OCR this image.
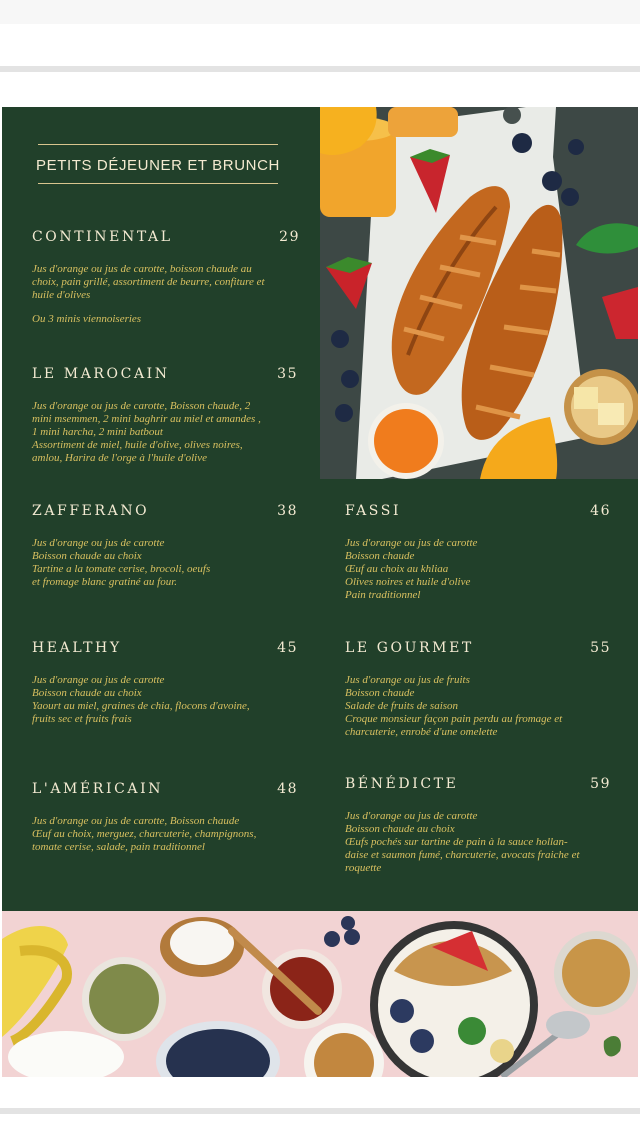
PETITS DÉJEUNER ET BRUNCH
CONTINENTAL	29
Jus d'orange ou jus de carotte, boisson chaude au
choix, pain grillé, assortiment de beurre, confiture et
huile d'olives
Ou 3 minis viennoiseries
LE MAROCAIN	35
Jus d'orange ou jus de carotte, Boisson chaude, 2
mini msemmen, 2 mini baghrir au miel et amandes ,
1 mini harcha, 2 mini batbout
Assortiment de miel, huile d'olive, olives noires,
amlou, Harira de l'orge à l'huile d'olive
ZAFFERANO	38
Jus d'orange ou jus de carotte
Boisson chaude au choix
Tartine a la tomate cerise, brocoli, oeufs
et fromage blanc gratiné au four.
FASSI	46
Jus d'orange ou jus de carotte
Boisson chaude
Œuf au choix au khliaa
Olives noires et huile d'olive
Pain traditionnel
HEALTHY	45
Jus d'orange ou jus de carotte
Boisson chaude au choix
Yaourt au miel, graines de chia, flocons d'avoine,
fruits sec et fruits frais
LE GOURMET	55
Jus d'orange ou jus de fruits
Boisson chaude
Salade de fruits de saison
Croque monsieur façon pain perdu au fromage et
charcuterie, enrobé d'une omelette
L'AMÉRICAIN	48
Jus d'orange ou jus de carotte, Boisson chaude
Œuf au choix, merguez, charcuterie, champignons,
tomate cerise, salade, pain traditionnel
BÉNÉDICTE	59
Jus d'orange ou jus de carotte
Boisson chaude au choix
Œufs pochés sur tartine de pain à la sauce hollan-
daise et saumon fumé, charcuterie, avocats fraiche et
roquette
